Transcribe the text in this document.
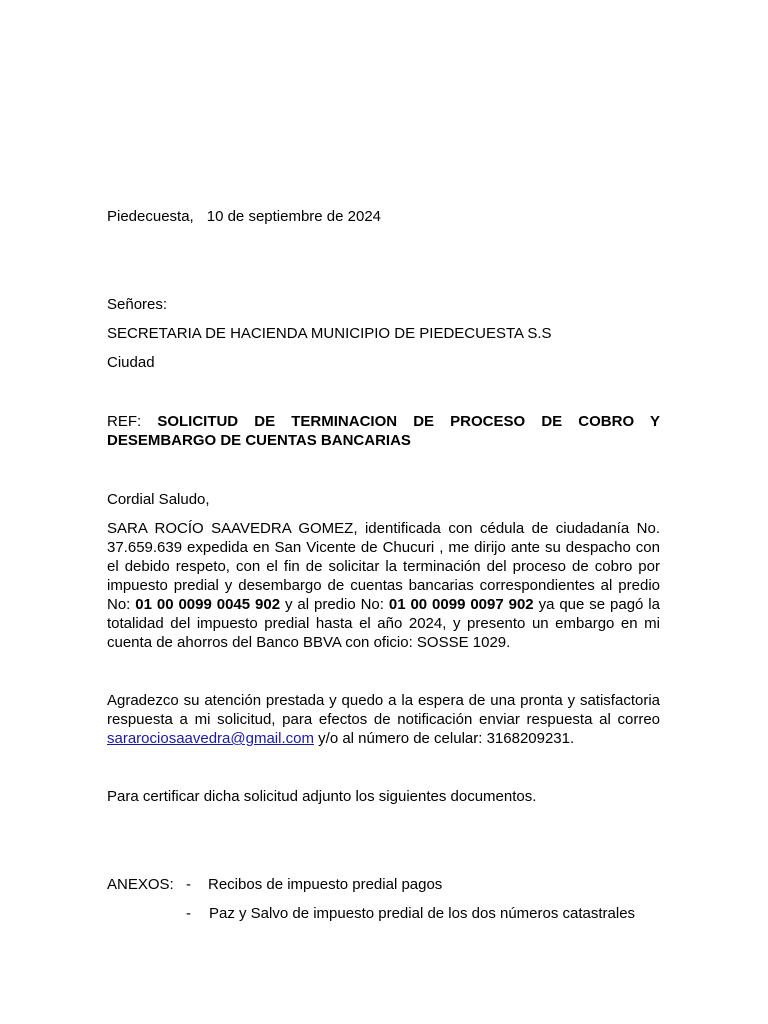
Piedecuesta, 10 de septiembre de 2024

Señores:

SECRETARIA DE HACIENDA MUNICIPIO DE PIEDECUESTA S.S

Ciudad

REF: SOLICITUD DE TERMINACION DE PROCESO DE COBRO Y DESEMBARGO DE CUENTAS BANCARIAS

Cordial Saludo,

SARA ROCÍO SAAVEDRA GOMEZ, identificada con cédula de ciudadanía No. 37.659.639 expedida en San Vicente de Chucuri , me dirijo ante su despacho con el debido respeto, con el fin de solicitar la terminación del proceso de cobro por impuesto predial y desembargo de cuentas bancarias correspondientes al predio No: 01 00 0099 0045 902 y al predio No: 01 00 0099 0097 902 ya que se pagó la totalidad del impuesto predial hasta el año 2024, y presento un embargo en mi cuenta de ahorros del Banco BBVA con oficio: SOSSE 1029.

Agradezco su atención prestada y quedo a la espera de una pronta y satisfactoria respuesta a mi solicitud, para efectos de notificación enviar respuesta al correo sararociosaavedra@gmail.com y/o al número de celular: 3168209231.

Para certificar dicha solicitud adjunto los siguientes documentos.

ANEXOS: - Recibos de impuesto predial pagos
- Paz y Salvo de impuesto predial de los dos números catastrales
